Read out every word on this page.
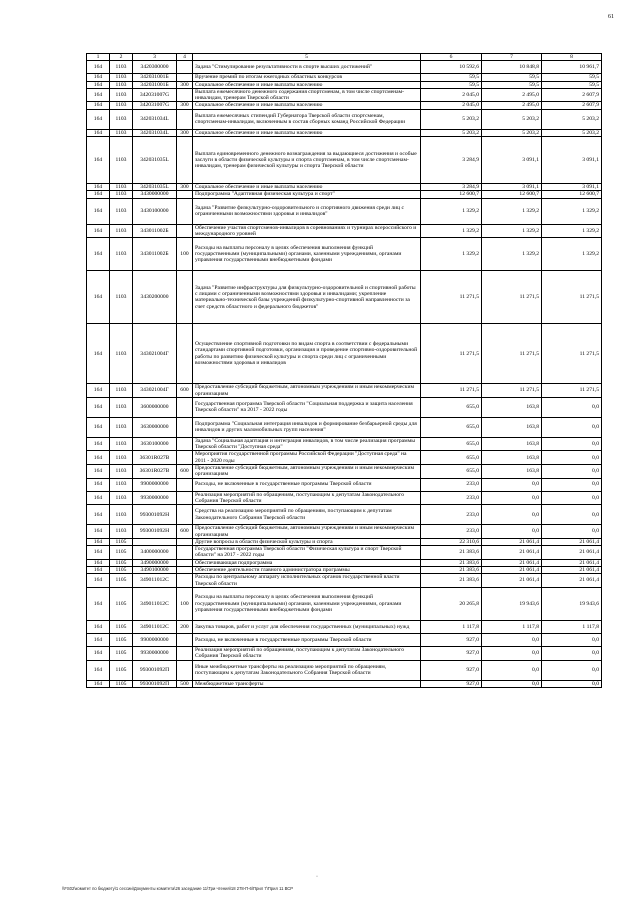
61
1	2	3	4	5	6	7	8
164	1103	3420300000		Задача "Стимулирование результативности в спорте высших достижений"	10 592,6	10 848,8	10 961,7
164	1103	342031001Б		Вручение премий по итогам ежегодных областных конкурсов	59,5	59,5	59,5
164	1103	342031001Б	300	Социальное обеспечение и иные выплаты населению	59,5	59,5	59,5
164	1103	342031007G		Выплата ежемесячного денежного содержания спортсменам, в том числе спортсменам-инвалидам, тренерам Тверской области	2 045,0	2 495,0	2 607,9
164	1103	342031007G	300	Социальное обеспечение и иные выплаты населению	2 045,0	2 495,0	2 607,9
164	1103	342031034L		Выплата ежемесячных стипендий Губернатора Тверской области спортсменам, спортсменам-инвалидам, включенным в состав сборных команд Российской Федерации	5 203,2	5 203,2	5 203,2
164	1103	342031034L	300	Социальное обеспечение и иные выплаты населению	5 203,2	5 203,2	5 203,2
164	1103	342031035L		Выплата единовременного денежного вознаграждения за выдающиеся достижения и особые заслуги в области физической культуры и спорта спортсменам, в том числе спортсменам-инвалидам, тренерам физической культуры и спорта Тверской области	3 284,9	3 091,1	3 091,1
164	1103	342031035L	300	Социальное обеспечение и иные выплаты населению	3 284,9	3 091,1	3 091,1
164	1103	3430000000		Подпрограмма "Адаптивная физическая культура и спорт"	12 600,7	12 600,7	12 600,7
164	1103	3430100000		Задача "Развитие физкультурно-оздоровительного и спортивного движения среди лиц с ограниченными возможностями здоровья и инвалидов"	1 329,2	1 329,2	1 329,2
164	1103	343011002Б		Обеспечение участия спортсменов-инвалидов в соревнованиях и турнирах всероссийского и международного уровней	1 329,2	1 329,2	1 329,2
164	1103	343011002Б	100	Расходы на выплаты персоналу в целях обеспечения выполнения функций государственными (муниципальными) органами, казенными учреждениями, органами управления государственными внебюджетными фондами	1 329,2	1 329,2	1 329,2
164	1103	3430200000		Задача "Развитие инфраструктуры для физкультурно-оздоровительной и спортивной работы с лицами с ограниченными возможностями здоровья и инвалидами; укрепление материально-технической базы учреждений физкультурно-спортивной направленности за счет средств областного и федерального бюджетов"	11 271,5	11 271,5	11 271,5
164	1103	343021004Г		Осуществление спортивной подготовки по видам спорта в соответствии с федеральными стандартами спортивной подготовки, организация и проведение спортивно-оздоровительной работы по развитию физической культуры и спорта среди лиц с ограниченными возможностями здоровья и инвалидов	11 271,5	11 271,5	11 271,5
164	1103	343021004Г	600	Предоставление субсидий бюджетным, автономным учреждениям и иным некоммерческим организациям	11 271,5	11 271,5	11 271,5
164	1103	3600000000		Государственная программа Тверской области "Социальная поддержка и защита населения Тверской области" на 2017 - 2022 годы	655,0	163,8	0,0
164	1103	3630000000		Подпрограмма "Социальная интеграция инвалидов и формирование безбарьерной среды для инвалидов и других маломобильных групп населения"	655,0	163,8	0,0
164	1103	3630100000		Задача "Социальная адаптация и интеграция инвалидов, в том числе реализация программы Тверской области "Доступная среда"	655,0	163,8	0,0
164	1103	36301R027B		Мероприятия государственной программы Российской Федерации "Доступная среда" на 2011 - 2020 годы	655,0	163,8	0,0
164	1103	36301R027B	600	Предоставление субсидий бюджетным, автономным учреждениям и иным некоммерческим организациям	655,0	163,8	0,0
164	1103	9900000000		Расходы, не включенные в государственные программы Тверской области	233,0	0,0	0,0
164	1103	9930000000		Реализация мероприятий по обращениям, поступающим к депутатам Законодательного Собрания Тверской области	233,0	0,0	0,0
164	1103	993001092Н		Средства на реализацию мероприятий по обращениям, поступающим к депутатам Законодательного Собрания Тверской области	233,0	0,0	0,0
164	1103	993001092Н	600	Предоставление субсидий бюджетным, автономным учреждениям и иным некоммерческим организациям	233,0	0,0	0,0
164	1105			Другие вопросы в области физической культуры и спорта	22 310,6	21 061,4	21 061,4
164	1105	3400000000		Государственная программа Тверской области "Физическая культура и спорт Тверской области" на 2017 - 2022 годы	21 383,6	21 061,4	21 061,4
164	1105	3490000000		Обеспечивающая подпрограмма	21 383,6	21 061,4	21 061,4
164	1105	3490100000		Обеспечение деятельности главного администратора программы	21 383,6	21 061,4	21 061,4
164	1105	349011012С		Расходы по центральному аппарату исполнительных органов государственной власти Тверской области	21 383,6	21 061,4	21 061,4
164	1105	349011012С	100	Расходы на выплаты персоналу в целях обеспечения выполнения функций государственными (муниципальными) органами, казенными учреждениями, органами управления государственными внебюджетными фондами	20 265,8	19 943,6	19 943,6
164	1105	349011012С	200	Закупка товаров, работ и услуг для обеспечения государственных (муниципальных) нужд	1 117,8	1 117,8	1 117,8
164	1105	9900000000		Расходы, не включенные в государственные программы Тверской области	927,0	0,0	0,0
164	1105	9930000000		Реализация мероприятий по обращениям, поступающим к депутатам Законодательного Собрания Тверской области	927,0	0,0	0,0
164	1105	993001092П		Иные межбюджетные трансферты на реализацию мероприятий по обращениям, поступающим к депутатам Законодательного Собрания Тверской области	927,0	0,0	0,0
164	1105	993001092П	500	Межбюджетные трансферты	927,0	0,0	0,0
·
\\FS02\комитет по бюджету\1 сессии\Документы комитета\26 заседание 11\Три чтения\18 278-П-6\Прил 7\Прил 11 ВСР
